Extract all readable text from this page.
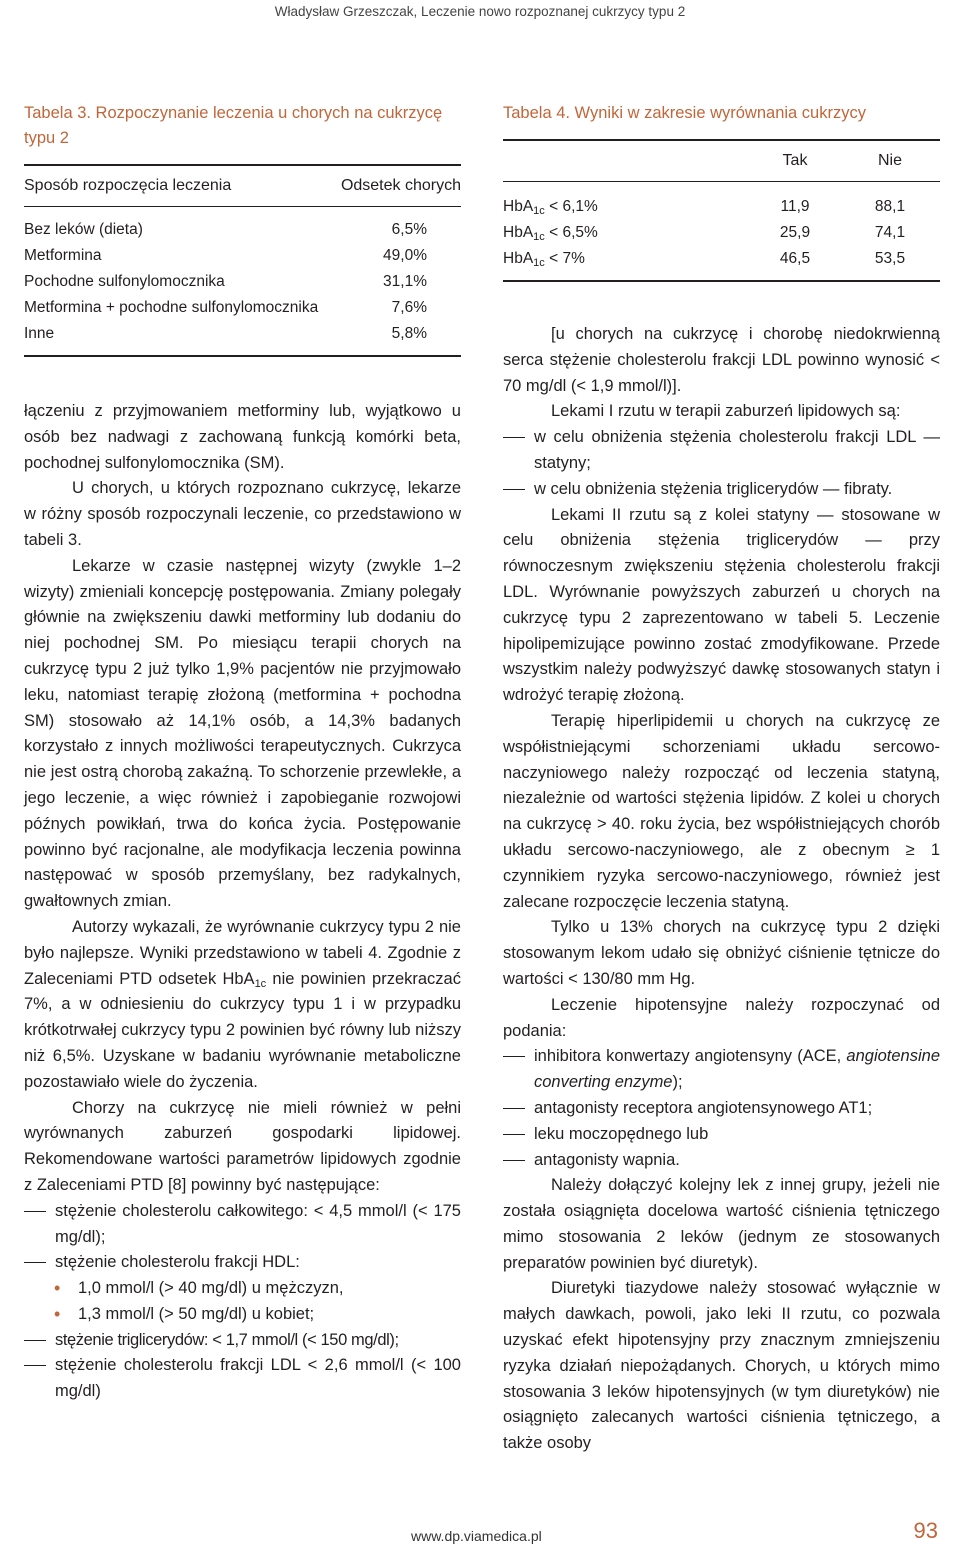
Władysław Grzeszczak, Leczenie nowo rozpoznanej cukrzycy typu 2
Tabela 3. Rozpoczynanie leczenia u chorych na cukrzycę typu 2
Sposób rozpoczęcia leczenia	Odsetek chorych
Bez leków (dieta)	6,5%
Metformina	49,0%
Pochodne sulfonylomocznika	31,1%
Metformina + pochodne sulfonylomocznika	7,6%
Inne	5,8%

łączeniu z przyjmowaniem metforminy lub, wyjątkowo u osób bez nadwagi z zachowaną funkcją komórki beta, pochodnej sulfonylomocznika (SM).

U chorych, u których rozpoznano cukrzycę, lekarze w różny sposób rozpoczynali leczenie, co przedstawiono w tabeli 3.

Lekarze w czasie następnej wizyty (zwykle 1–2 wizyty) zmieniali koncepcję postępowania. Zmiany polegały głównie na zwiększeniu dawki metforminy lub dodaniu do niej pochodnej SM. Po miesiącu terapii chorych na cukrzycę typu 2 już tylko 1,9% pacjentów nie przyjmowało leku, natomiast terapię złożoną (metformina + pochodna SM) stosowało aż 14,1% osób, a 14,3% badanych korzystało z innych możliwości terapeutycznych. Cukrzyca nie jest ostrą chorobą zakaźną. To schorzenie przewlekłe, a jego leczenie, a więc również i zapobieganie rozwojowi późnych powikłań, trwa do końca życia. Postępowanie powinno być racjonalne, ale modyfikacja leczenia powinna następować w sposób przemyślany, bez radykalnych, gwałtownych zmian.

Autorzy wykazali, że wyrównanie cukrzycy typu 2 nie było najlepsze. Wyniki przedstawiono w tabeli 4. Zgodnie z Zaleceniami PTD odsetek HbA$_{1c}$ nie powinien przekraczać 7%, a w odniesieniu do cukrzycy typu 1 i w przypadku krótkotrwałej cukrzycy typu 2 powinien być równy lub niższy niż 6,5%. Uzyskane w badaniu wyrównanie metaboliczne pozostawiało wiele do życzenia.

Chorzy na cukrzycę nie mieli również w pełni wyrównanych zaburzeń gospodarki lipidowej. Rekomendowane wartości parametrów lipidowych zgodnie z Zaleceniami PTD [8] powinny być następujące:

stężenie cholesterolu całkowitego: < 4,5 mmol/l (< 175 mg/dl);
stężenie cholesterolu frakcji HDL:
• 1,0 mmol/l (> 40 mg/dl) u mężczyzn,
• 1,3 mmol/l (> 50 mg/dl) u kobiet;
stężenie triglicerydów: < 1,7 mmol/l (< 150 mg/dl);
stężenie cholesterolu frakcji LDL < 2,6 mmol/l (< 100 mg/dl)
Tabela 4. Wyniki w zakresie wyrównania cukrzycy
	Tak	Nie
HbA$_{1c}$ < 6,1%	11,9	88,1
HbA$_{1c}$ < 6,5%	25,9	74,1
HbA$_{1c}$ < 7%	46,5	53,5

[u chorych na cukrzycę i chorobę niedokrwienną serca stężenie cholesterolu frakcji LDL powinno wynosić < 70 mg/dl (< 1,9 mmol/l)].

Lekami I rzutu w terapii zaburzeń lipidowych są:

w celu obniżenia stężenia cholesterolu frakcji LDL — statyny;
w celu obniżenia stężenia triglicerydów — fibraty.

Lekami II rzutu są z kolei statyny — stosowane w celu obniżenia stężenia triglicerydów — przy równoczesnym zwiększeniu stężenia cholesterolu frakcji LDL. Wyrównanie powyższych zaburzeń u chorych na cukrzycę typu 2 zaprezentowano w tabeli 5. Leczenie hipolipemizujące powinno zostać zmodyfikowane. Przede wszystkim należy podwyższyć dawkę stosowanych statyn i wdrożyć terapię złożoną.

Terapię hiperlipidemii u chorych na cukrzycę ze współistniejącymi schorzeniami układu sercowo-naczyniowego należy rozpocząć od leczenia statyną, niezależnie od wartości stężenia lipidów. Z kolei u chorych na cukrzycę > 40. roku życia, bez współistniejących chorób układu sercowo-naczyniowego, ale z obecnym ≥ 1 czynnikiem ryzyka sercowo-naczyniowego, również jest zalecane rozpoczęcie leczenia statyną.

Tylko u 13% chorych na cukrzycę typu 2 dzięki stosowanym lekom udało się obniżyć ciśnienie tętnicze do wartości < 130/80 mm Hg.

Leczenie hipotensyjne należy rozpoczynać od podania:

inhibitora konwertazy angiotensyny (ACE, angiotensine converting enzyme);
antagonisty receptora angiotensynowego AT1;
leku moczopędnego lub
antagonisty wapnia.

Należy dołączyć kolejny lek z innej grupy, jeżeli nie została osiągnięta docelowa wartość ciśnienia tętniczego mimo stosowania 2 leków (jednym ze stosowanych preparatów powinien być diuretyk).

Diuretyki tiazydowe należy stosować wyłącznie w małych dawkach, powoli, jako leki II rzutu, co pozwala uzyskać efekt hipotensyjny przy znacznym zmniejszeniu ryzyka działań niepożądanych. Chorych, u których mimo stosowania 3 leków hipotensyjnych (w tym diuretyków) nie osiągnięto zalecanych wartości ciśnienia tętniczego, a także osoby

www.dp.viamedica.pl	93
